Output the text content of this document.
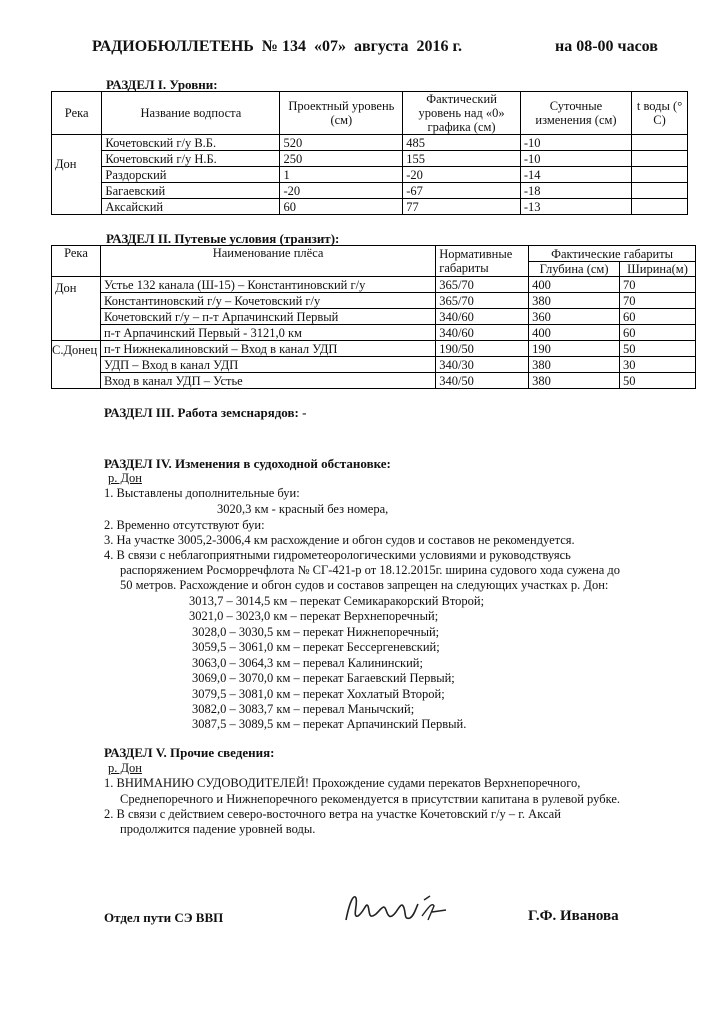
РАДИОБЮЛЛЕТЕНЬ  № 134  «07»  августа  2016 г.	на 08-00 часов
РАЗДЕЛ I. Уровни:
Река	Название водпоста	Проектный уровень (см)	Фактический уровень над «0» графика (см)	Суточные изменения (см)	t воды (° C)
Дон	Кочетовский г/у В.Б.	520	485	-10	
	Кочетовский г/у Н.Б.	250	155	-10	
	Раздорский	1	-20	-14	
	Багаевский	-20	-67	-18	
	Аксайский	60	77	-13	
РАЗДЕЛ II. Путевые условия (транзит):
Река	Наименование плёса	Нормативные габариты	Фактические габариты	
			Глубина (см)	Ширина(м)
Дон	Устье 132 канала (Ш-15) – Константиновский г/у	365/70	400	70
	Константиновский г/у – Кочетовский г/у	365/70	380	70
	Кочетовский г/у – п-т Арпачинский Первый	340/60	360	60
	п-т Арпачинский Первый - 3121,0 км	340/60	400	60
С.Донец	п-т Нижнекалиновский – Вход в канал УДП	190/50	190	50
	УДП – Вход в канал УДП	340/30	380	30
	Вход в канал УДП – Устье	340/50	380	50
РАЗДЕЛ III. Работа земснарядов: -
РАЗДЕЛ IV. Изменения в судоходной обстановке:
р. Дон
1. Выставлены дополнительные буи:
3020,3 км - красный без номера,
2. Временно отсутствуют буи:
3. На участке 3005,2-3006,4 км расхождение и обгон судов и составов не рекомендуется.
4. В связи с неблагоприятными гидрометеорологическими условиями и руководствуясь
распоряжением Росморречфлота № СГ-421-р от 18.12.2015г. ширина судового хода сужена до
50 метров. Расхождение и обгон судов и составов запрещен на следующих участках р. Дон:
3013,7 – 3014,5 км – перекат Семикаракорский Второй;
3021,0 – 3023,0 км – перекат Верхнепоречный;
3028,0 – 3030,5 км – перекат Нижнепоречный;
3059,5 – 3061,0 км – перекат Бессергеневский;
3063,0 – 3064,3 км – перевал Калининский;
3069,0 – 3070,0 км – перекат Багаевский Первый;
3079,5 – 3081,0 км – перекат Хохлатый Второй;
3082,0 – 3083,7 км – перевал Манычский;
3087,5 – 3089,5 км – перекат Арпачинский Первый.
РАЗДЕЛ V. Прочие сведения:
р. Дон
1. ВНИМАНИЮ СУДОВОДИТЕЛЕЙ! Прохождение судами перекатов Верхнепоречного,
Среднепоречного и Нижнепоречного рекомендуется в присутствии капитана в рулевой рубке.
2. В связи с действием северо-восточного ветра на участке Кочетовский г/у – г. Аксай
продолжится падение уровней воды.
Отдел пути СЭ ВВП	Г.Ф. Иванова
